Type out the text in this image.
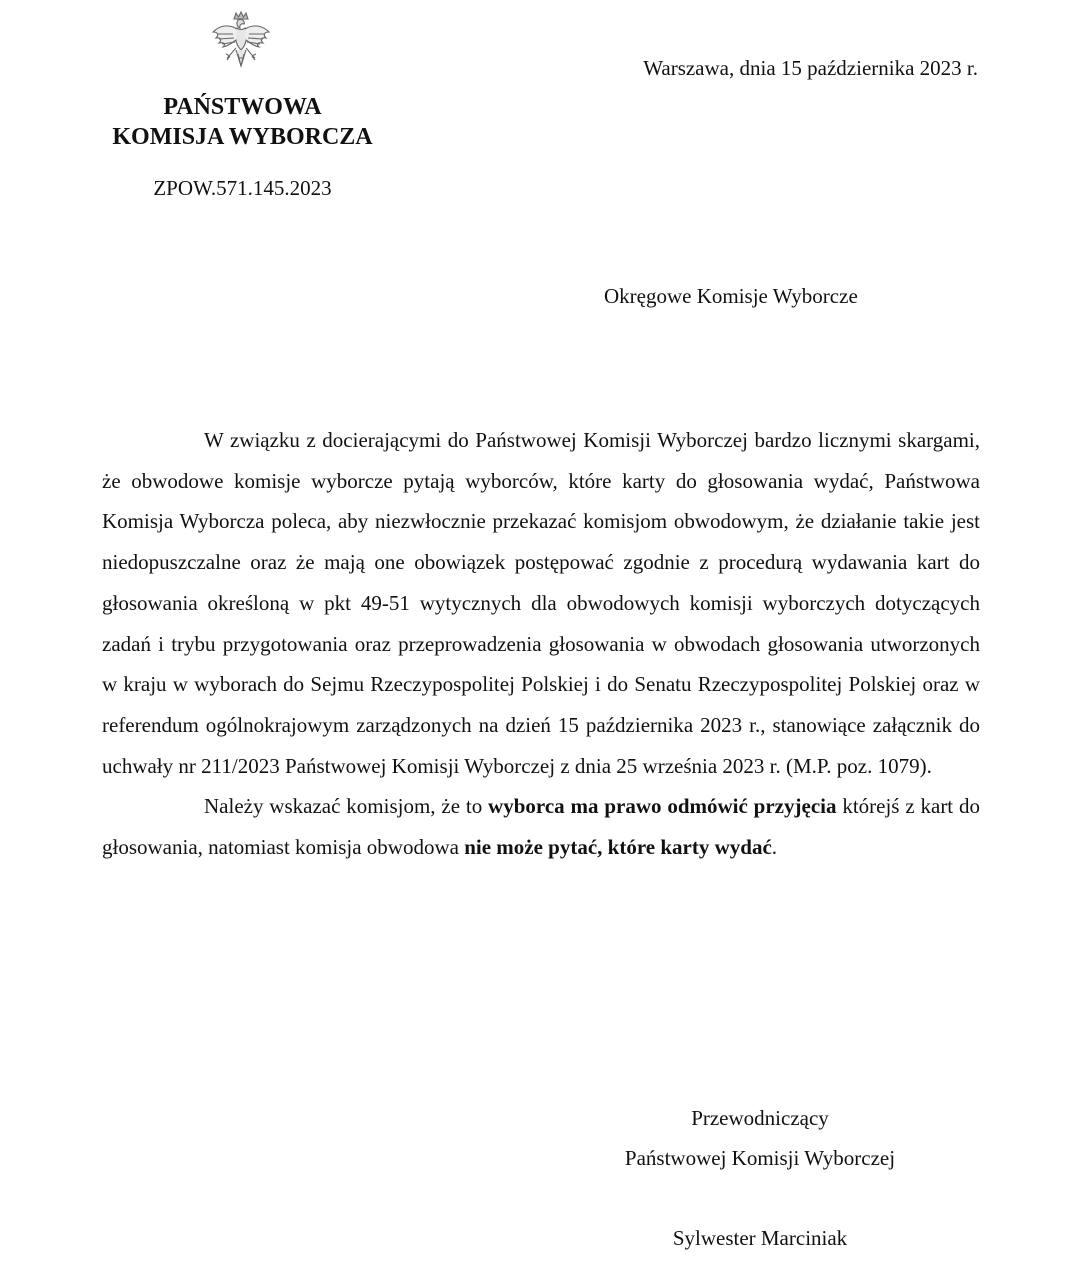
PAŃSTWOWA
KOMISJA WYBORCZA
ZPOW.571.145.2023
Warszawa, dnia 15 października 2023 r.
Okręgowe Komisje Wyborcze

W związku z docierającymi do Państwowej Komisji Wyborczej bardzo licznymi skargami, że obwodowe komisje wyborcze pytają wyborców, które karty do głosowania wydać, Państwowa Komisja Wyborcza poleca, aby niezwłocznie przekazać komisjom obwodowym, że działanie takie jest niedopuszczalne oraz że mają one obowiązek postępować zgodnie z procedurą wydawania kart do głosowania określoną w pkt 49-51 wytycznych dla obwodowych komisji wyborczych dotyczących zadań i trybu przygotowania oraz przeprowadzenia głosowania w obwodach głosowania utworzonych w kraju w wyborach do Sejmu Rzeczypospolitej Polskiej i do Senatu Rzeczypospolitej Polskiej oraz w referendum ogólnokrajowym zarządzonych na dzień 15 października 2023 r., stanowiące załącznik do uchwały nr 211/2023 Państwowej Komisji Wyborczej z dnia 25 września 2023 r. (M.P. poz. 1079).

Należy wskazać komisjom, że to wyborca ma prawo odmówić przyjęcia którejś z kart do głosowania, natomiast komisja obwodowa nie może pytać, które karty wydać.

Przewodniczący
Państwowej Komisji Wyborczej
Sylwester Marciniak
